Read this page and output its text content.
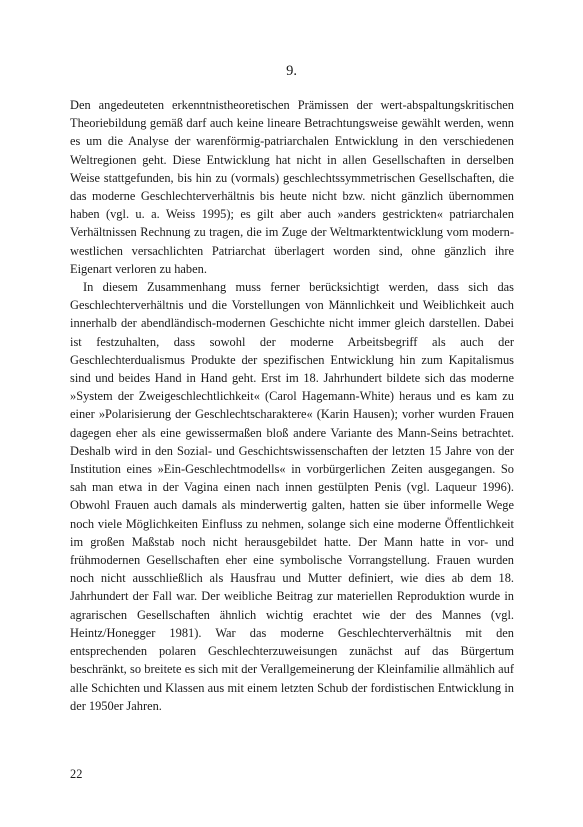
9.

Den angedeuteten erkenntnistheoretischen Prämissen der wert-abspaltungskritischen Theoriebildung gemäß darf auch keine lineare Betrachtungsweise gewählt werden, wenn es um die Analyse der warenförmig-patriarchalen Entwicklung in den verschiedenen Weltregionen geht. Diese Entwicklung hat nicht in allen Gesellschaften in derselben Weise stattgefunden, bis hin zu (vormals) geschlechtssymmetrischen Gesellschaften, die das moderne Geschlechterverhältnis bis heute nicht bzw. nicht gänzlich übernommen haben (vgl. u. a. Weiss 1995); es gilt aber auch »anders gestrickten« patriarchalen Verhältnissen Rechnung zu tragen, die im Zuge der Weltmarktentwicklung vom modern-westlichen versachlichten Patriarchat überlagert worden sind, ohne gänzlich ihre Eigenart verloren zu haben.

In diesem Zusammenhang muss ferner berücksichtigt werden, dass sich das Geschlechterverhältnis und die Vorstellungen von Männlichkeit und Weiblichkeit auch innerhalb der abendländisch-modernen Geschichte nicht immer gleich darstellen. Dabei ist festzuhalten, dass sowohl der moderne Arbeitsbegriff als auch der Geschlechterdualismus Produkte der spezifischen Entwicklung hin zum Kapitalismus sind und beides Hand in Hand geht. Erst im 18. Jahrhundert bildete sich das moderne »System der Zweigeschlechtlichkeit« (Carol Hagemann-White) heraus und es kam zu einer »Polarisierung der Geschlechtscharaktere« (Karin Hausen); vorher wurden Frauen dagegen eher als eine gewissermaßen bloß andere Variante des Mann-Seins betrachtet. Deshalb wird in den Sozial- und Geschichtswissenschaften der letzten 15 Jahre von der Institution eines »Ein-Geschlechtmodells« in vorbürgerlichen Zeiten ausgegangen. So sah man etwa in der Vagina einen nach innen gestülpten Penis (vgl. Laqueur 1996). Obwohl Frauen auch damals als minderwertig galten, hatten sie über informelle Wege noch viele Möglichkeiten Einfluss zu nehmen, solange sich eine moderne Öffentlichkeit im großen Maßstab noch nicht herausgebildet hatte. Der Mann hatte in vor- und frühmodernen Gesellschaften eher eine symbolische Vorrangstellung. Frauen wurden noch nicht ausschließlich als Hausfrau und Mutter definiert, wie dies ab dem 18. Jahrhundert der Fall war. Der weibliche Beitrag zur materiellen Reproduktion wurde in agrarischen Gesellschaften ähnlich wichtig erachtet wie der des Mannes (vgl. Heintz/Honegger 1981). War das moderne Geschlechterverhältnis mit den entsprechenden polaren Geschlechterzuweisungen zunächst auf das Bürgertum beschränkt, so breitete es sich mit der Verallgemeinerung der Kleinfamilie allmählich auf alle Schichten und Klassen aus mit einem letzten Schub der fordistischen Entwicklung in der 1950er Jahren.

22
